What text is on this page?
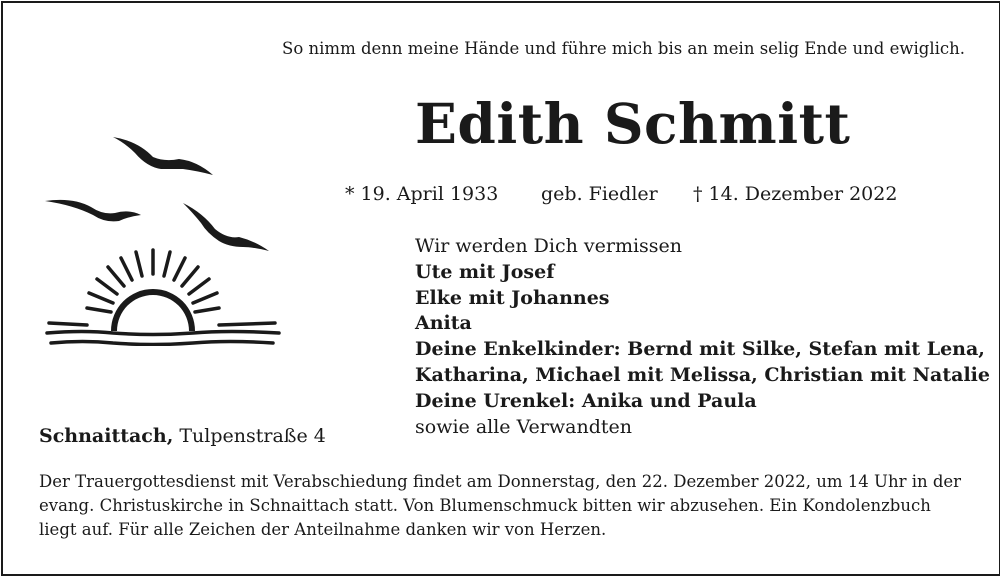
So nimm denn meine Hände und führe mich bis an mein selig Ende und ewiglich.
Edith Schmitt
* 19. April 1933 geb. Fiedler † 14. Dezember 2022
Wir werden Dich vermissen
Ute mit Josef
Elke mit Johannes
Anita
Deine Enkelkinder: Bernd mit Silke, Stefan mit Lena,
Katharina, Michael mit Melissa, Christian mit Natalie
Deine Urenkel: Anika und Paula
sowie alle Verwandten
Schnaittach, Tulpenstraße 4
Der Trauergottesdienst mit Verabschiedung findet am Donnerstag, den 22. Dezember 2022, um 14 Uhr in der evang. Christuskirche in Schnaittach statt. Von Blumenschmuck bitten wir abzusehen. Ein Kondolenzbuch liegt auf. Für alle Zeichen der Anteilnahme danken wir von Herzen.
